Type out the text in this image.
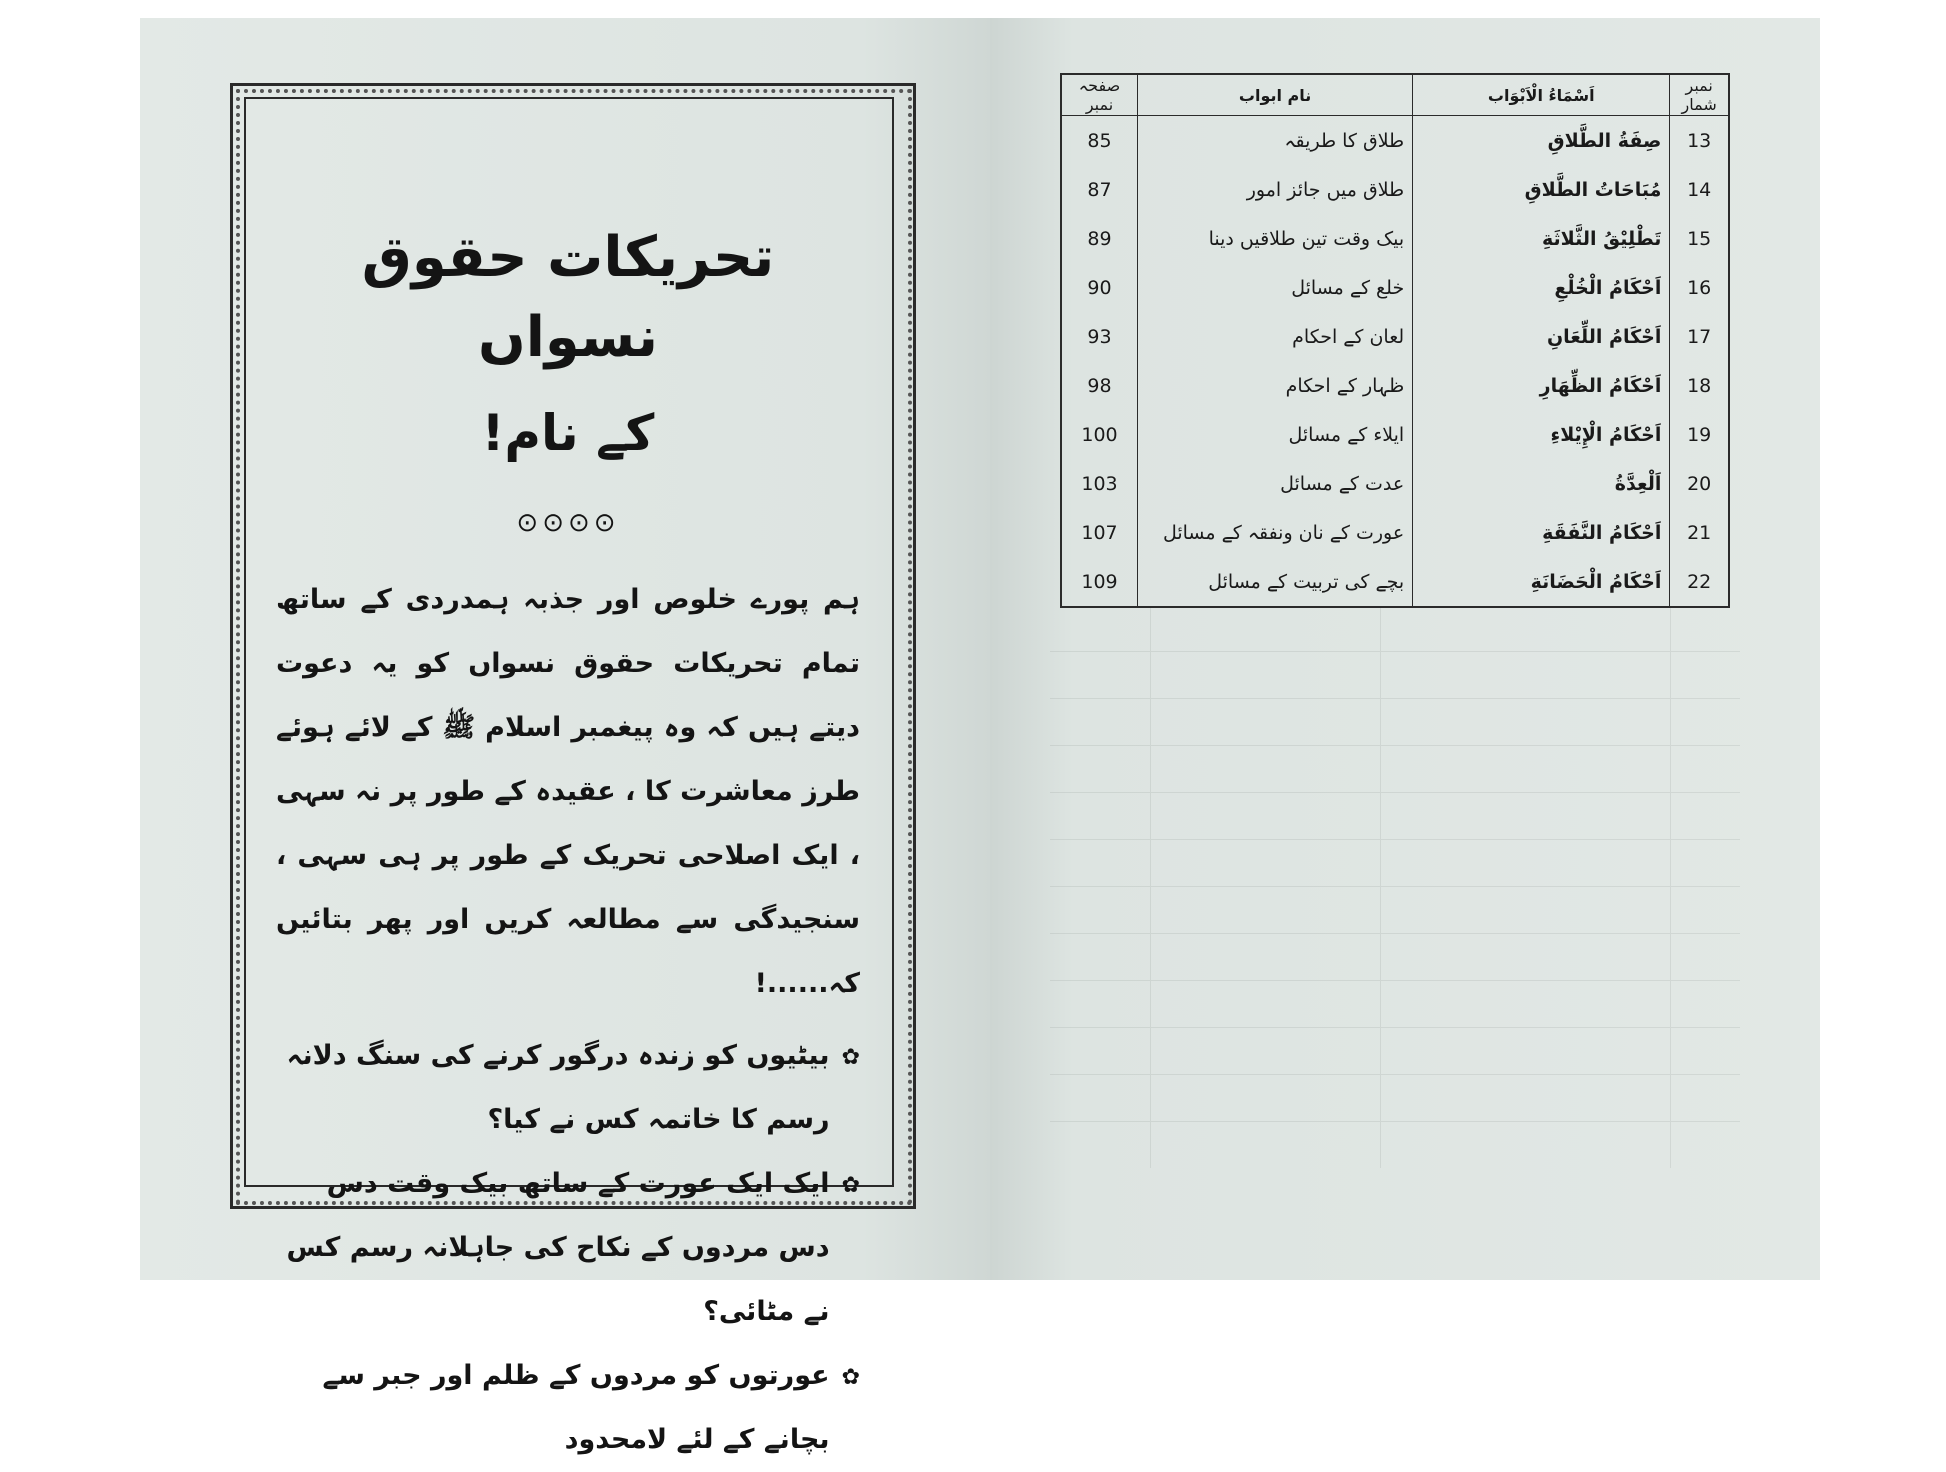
تحریکات حقوق نسواں
کے نام!
⊙⊙⊙⊙

ہم پورے خلوص اور جذبہ ہمدردی کے ساتھ تمام تحریکات حقوق نسواں کو یہ دعوت دیتے ہیں کہ وہ پیغمبر اسلام ﷺ کے لائے ہوئے طرز معاشرت کا ، عقیدہ کے طور پر نہ سہی ، ایک اصلاحی تحریک کے طور پر ہی سہی ، سنجیدگی سے مطالعہ کریں اور پھر بتائیں کہ......!

✿
بیٹیوں کو زندہ درگور کرنے کی سنگ دلانہ رسم کا خاتمہ کس نے کیا؟
✿
ایک ایک عورت کے ساتھ بیک وقت دس دس مردوں کے نکاح کی جاہلانہ رسم کس نے مٹائی؟
✿
عورتوں کو مردوں کے ظلم اور جبر سے بچانے کے لئے لامحدود
نمبر شمار	اَسْمَاءُ الْاَبْوَاب	نام ابواب	صفحہ نمبر
13	صِفَةُ الطَّلاقِ	طلاق کا طریقہ	85
14	مُبَاحَاتُ الطَّلاقِ	طلاق میں جائز امور	87
15	تَطْلِيْقُ الثَّلاثَةِ	بیک وقت تین طلاقیں دینا	89
16	اَحْكَامُ الْخُلْعِ	خلع کے مسائل	90
17	اَحْكَامُ اللِّعَانِ	لعان کے احکام	93
18	اَحْكَامُ الظِّهَارِ	ظہار کے احکام	98
19	اَحْكَامُ الْإِيْلاءِ	ایلاء کے مسائل	100
20	اَلْعِدَّةُ	عدت کے مسائل	103
21	اَحْكَامُ النَّفَقَةِ	عورت کے نان ونفقہ کے مسائل	107
22	اَحْكَامُ الْحَضَانَةِ	بچے کی تربیت کے مسائل	109
